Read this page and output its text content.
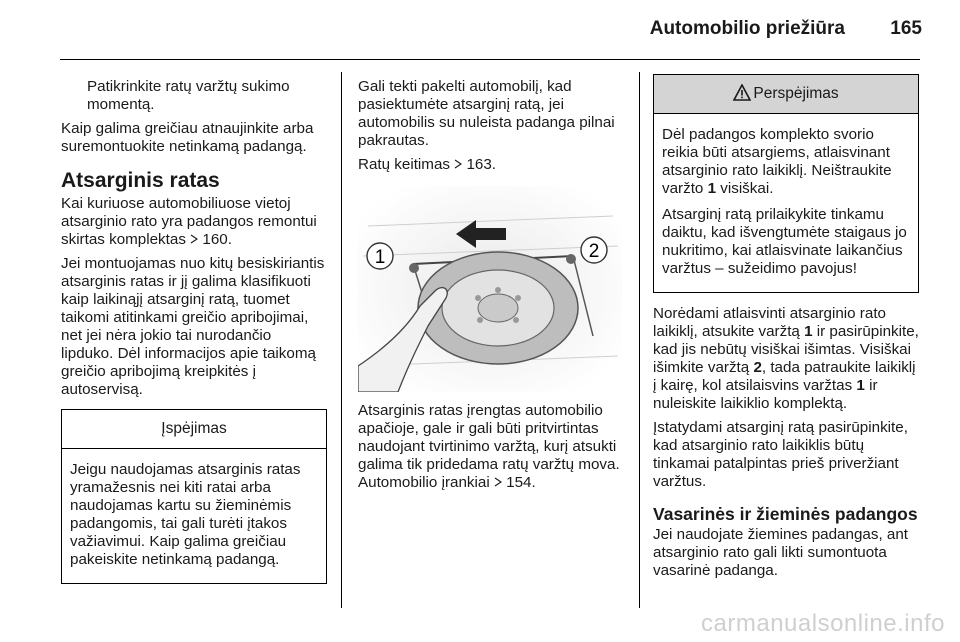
Automobilio priežiūra	165

Patikrinkite ratų varžtų sukimo momentą.

Kaip galima greičiau atnaujinkite arba suremontuokite netinkamą padangą.

Atsarginis ratas

Kai kuriuose automobiliuose vietoj atsarginio rato yra padangos remontui skirtas komplektas  160.

Jei montuojamas nuo kitų besiskiriantis atsarginis ratas ir jį galima klasifikuoti kaip laikinąjį atsarginį ratą, tuomet taikomi atitinkami greičio apribojimai, net jei nėra jokio tai nurodančio lipduko. Dėl informacijos apie taikomą greičio apribojimą kreipkitės į autoservisą.

Įspėjimas

Jeigu naudojamas atsarginis ratas yramažesnis nei kiti ratai arba naudojamas kartu su žieminėmis padangomis, tai gali turėti įtakos važiavimui. Kaip galima greičiau pakeiskite netinkamą padangą.

Gali tekti pakelti automobilį, kad pasiektumėte atsarginį ratą, jei automobilis su nuleista padanga pilnai pakrautas.

Ratų keitimas  163.

1	2

Atsarginis ratas įrengtas automobilio apačioje, gale ir gali būti pritvirtintas naudojant tvirtinimo varžtą, kurį atsukti galima tik pridedama ratų varžtų mova. Automobilio įrankiai  154.

Perspėjimas

Dėl padangos komplekto svorio reikia būti atsargiems, atlaisvinant atsarginio rato laikiklį. Neištraukite varžto 1 visiškai.

Atsarginį ratą prilaikykite tinkamu daiktu, kad išvengtumėte staigaus jo nukritimo, kai atlaisvinate laikančius varžtus – sužeidimo pavojus!

Norėdami atlaisvinti atsarginio rato laikiklį, atsukite varžtą 1 ir pasirūpinkite, kad jis nebūtų visiškai išimtas. Visiškai išimkite varžtą 2, tada patraukite laikiklį į kairę, kol atsilaisvins varžtas 1 ir nuleiskite laikiklio komplektą.

Įstatydami atsarginį ratą pasirūpinkite, kad atsarginio rato laikiklis būtų tinkamai patalpintas prieš priveržiant varžtus.

Vasarinės ir žieminės padangos

Jei naudojate žiemines padangas, ant atsarginio rato gali likti sumontuota vasarinė padanga.

carmanualsonline.info
